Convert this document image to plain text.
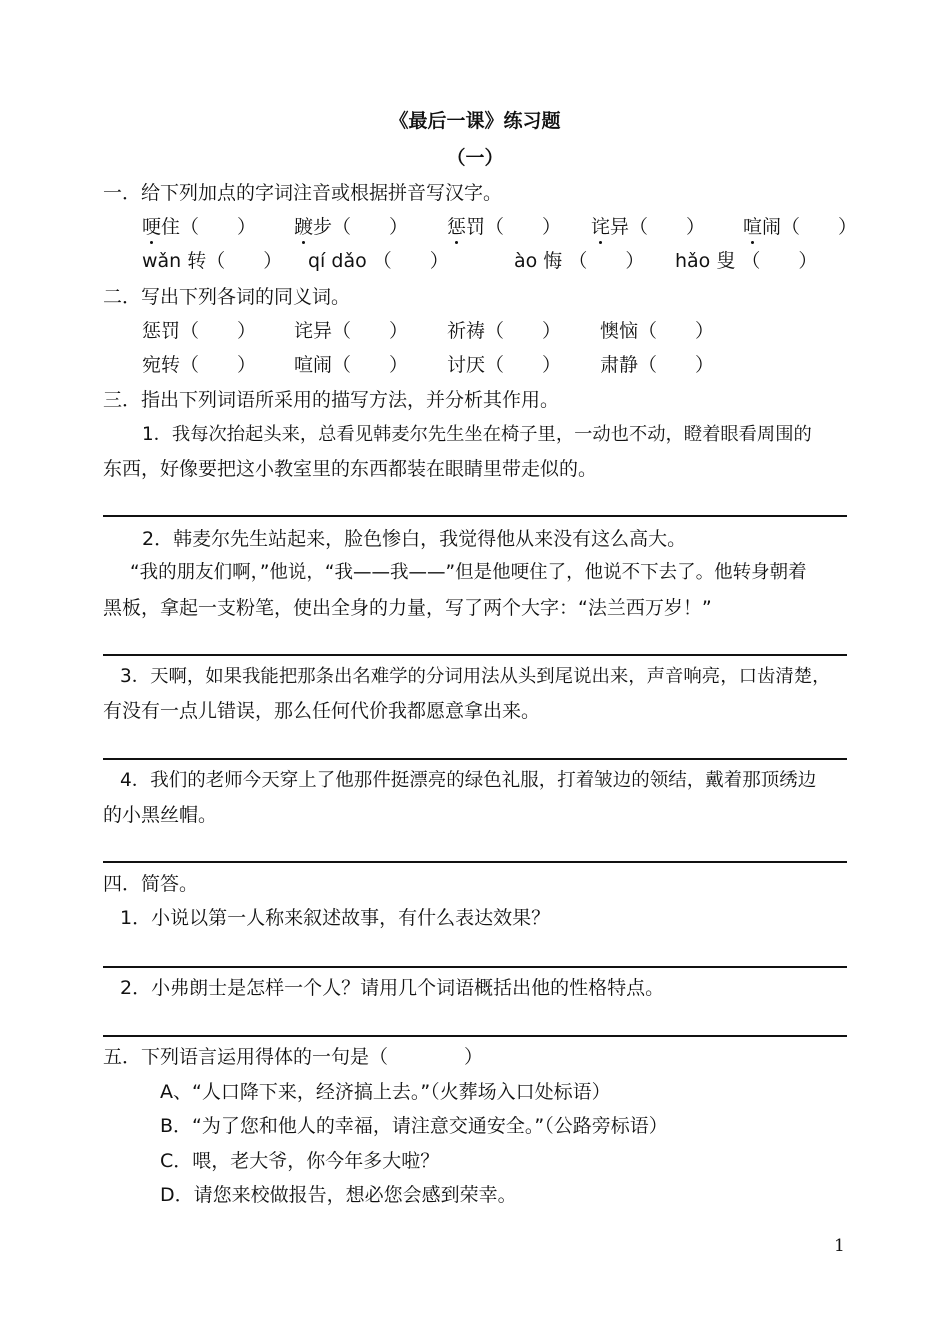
《最后一课》练习题
（一）
一．给下列加点的字词注音或根据拼音写汉字。
哽住（　　） 踱步（　　） 惩罚（　　） 诧异（　　） 喧闹（　　）
wǎn 转（　　） qí dǎo （　　）	ào 悔 （　　） hǎo 叟 （　　）
二．写出下列各词的同义词。
惩罚（　　） 诧异（　　） 祈祷（　　） 懊恼（　　）
宛转（　　） 喧闹（　　） 讨厌（　　） 肃静（　　）
三．指出下列词语所采用的描写方法，并分析其作用。
1．我每次抬起头来，总看见韩麦尔先生坐在椅子里，一动也不动，瞪着眼看周围的
东西，好像要把这小教室里的东西都装在眼睛里带走似的。
2．韩麦尔先生站起来，脸色惨白，我觉得他从来没有这么高大。
“我的朋友们啊，”他说，“我——我——”但是他哽住了，他说不下去了。他转身朝着
黑板，拿起一支粉笔，使出全身的力量，写了两个大字：“法兰西万岁！”
3．天啊，如果我能把那条出名难学的分词用法从头到尾说出来，声音响亮，口齿清楚，
有没有一点儿错误，那么任何代价我都愿意拿出来。
4．我们的老师今天穿上了他那件挺漂亮的绿色礼服，打着皱边的领结，戴着那顶绣边
的小黑丝帽。
四．简答。
1．小说以第一人称来叙述故事，有什么表达效果？
2．小弗朗士是怎样一个人？请用几个词语概括出他的性格特点。
五．下列语言运用得体的一句是（　　　　）
A、“人口降下来，经济搞上去。”（火葬场入口处标语）
B．“为了您和他人的幸福，请注意交通安全。”（公路旁标语）
C．喂，老大爷，你今年多大啦？
D．请您来校做报告，想必您会感到荣幸。
1
